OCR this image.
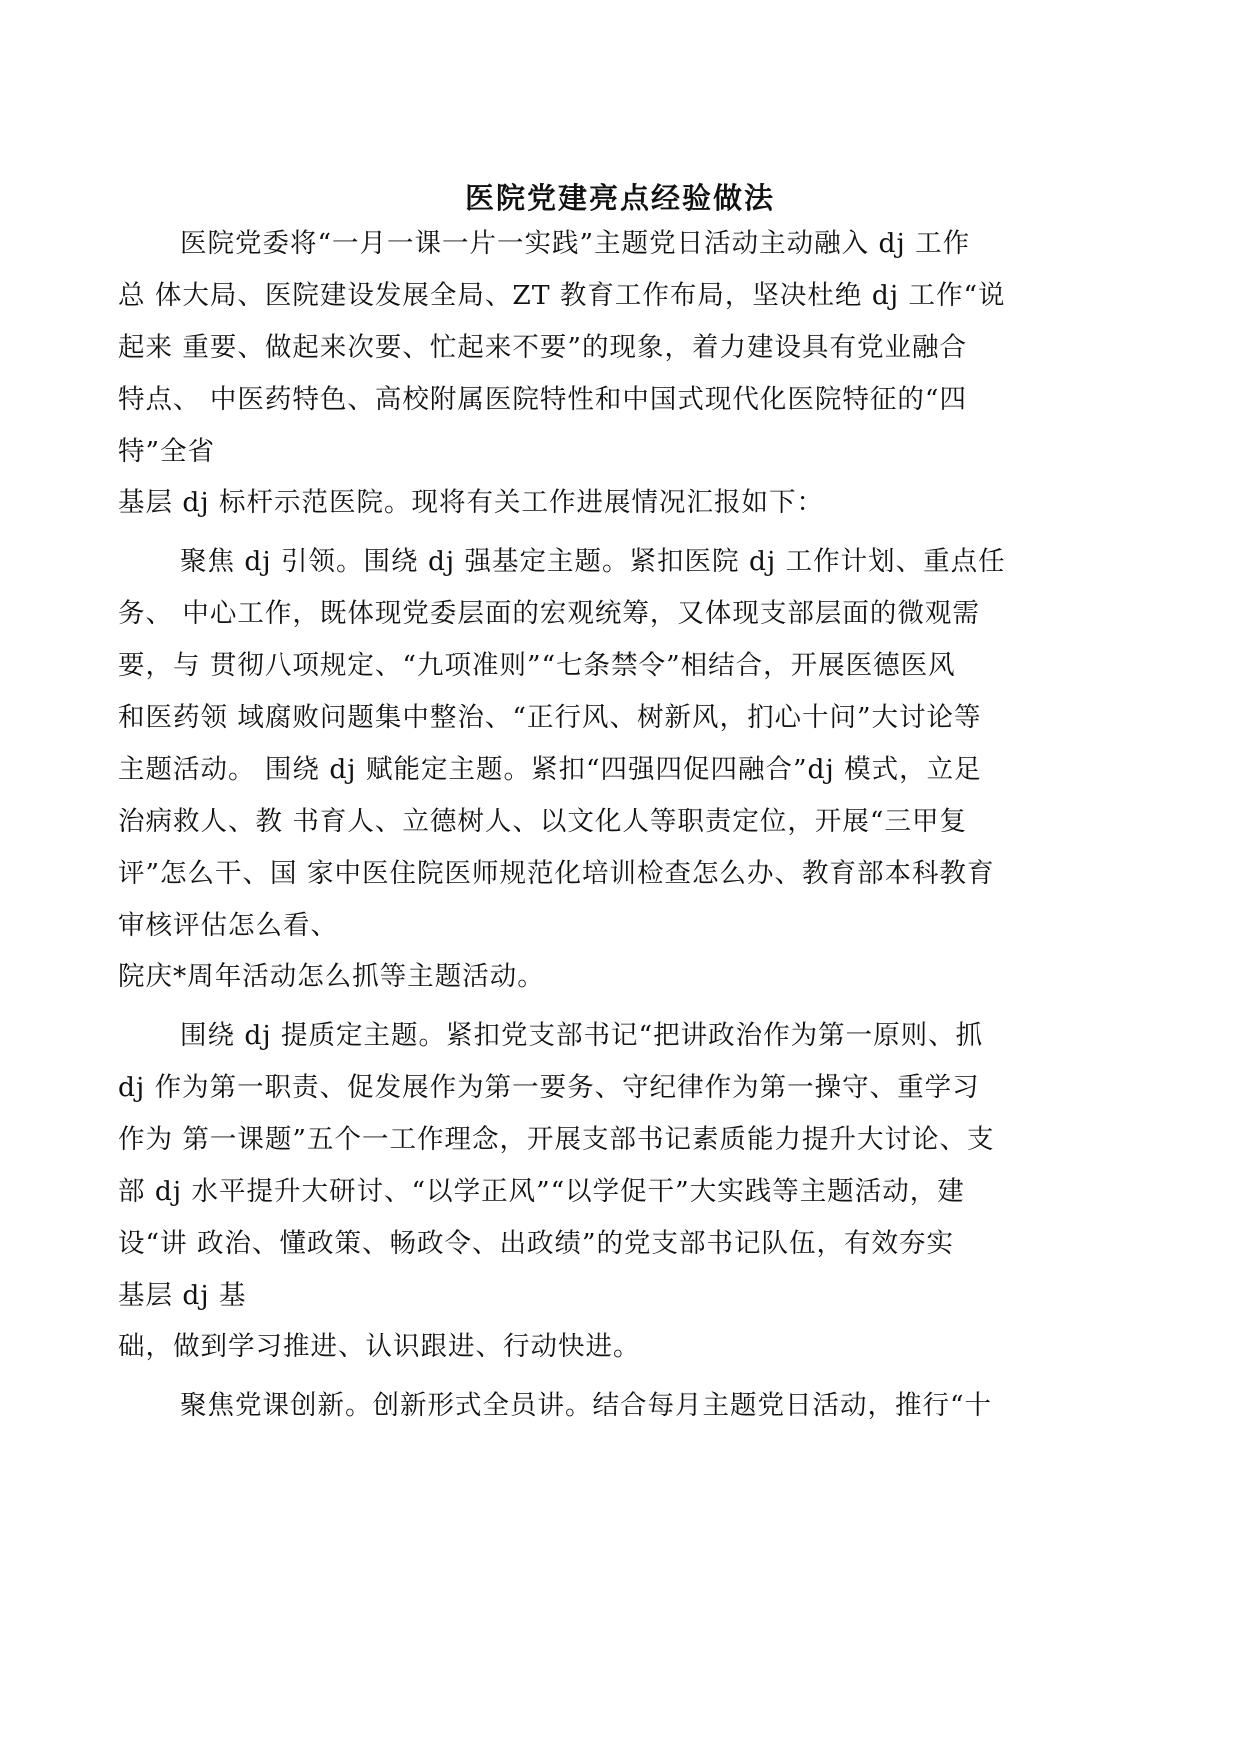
医院党建亮点经验做法
医院党委将“一月一课一片一实践”主题党日活动主动融入 dj 工作
总 体大局、医院建设发展全局、ZT 教育工作布局，坚决杜绝 dj 工作“说
起来 重要、做起来次要、忙起来不要”的现象，着力建设具有党业融合
特点、 中医药特色、高校附属医院特性和中国式现代化医院特征的“四
特”全省
基层 dj 标杆示范医院。现将有关工作进展情况汇报如下：
聚焦 dj 引领。围绕 dj 强基定主题。紧扣医院 dj 工作计划、重点任
务、 中心工作，既体现党委层面的宏观统筹，又体现支部层面的微观需
要，与 贯彻八项规定、“九项准则”“七条禁令”相结合，开展医德医风
和医药领 域腐败问题集中整治、“正行风、树新风，扪心十问”大讨论等
主题活动。 围绕 dj 赋能定主题。紧扣“四强四促四融合”dj 模式，立足
治病救人、教 书育人、立德树人、以文化人等职责定位，开展“三甲复
评”怎么干、国 家中医住院医师规范化培训检查怎么办、教育部本科教育
审核评估怎么看、
院庆*周年活动怎么抓等主题活动。
围绕 dj 提质定主题。紧扣党支部书记“把讲政治作为第一原则、抓
dj 作为第一职责、促发展作为第一要务、守纪律作为第一操守、重学习
作为 第一课题”五个一工作理念，开展支部书记素质能力提升大讨论、支
部 dj 水平提升大研讨、“以学正风”“以学促干”大实践等主题活动，建
设“讲 政治、懂政策、畅政令、出政绩”的党支部书记队伍，有效夯实
基层 dj 基
础，做到学习推进、认识跟进、行动快进。
聚焦党课创新。创新形式全员讲。结合每月主题党日活动，推行“十
